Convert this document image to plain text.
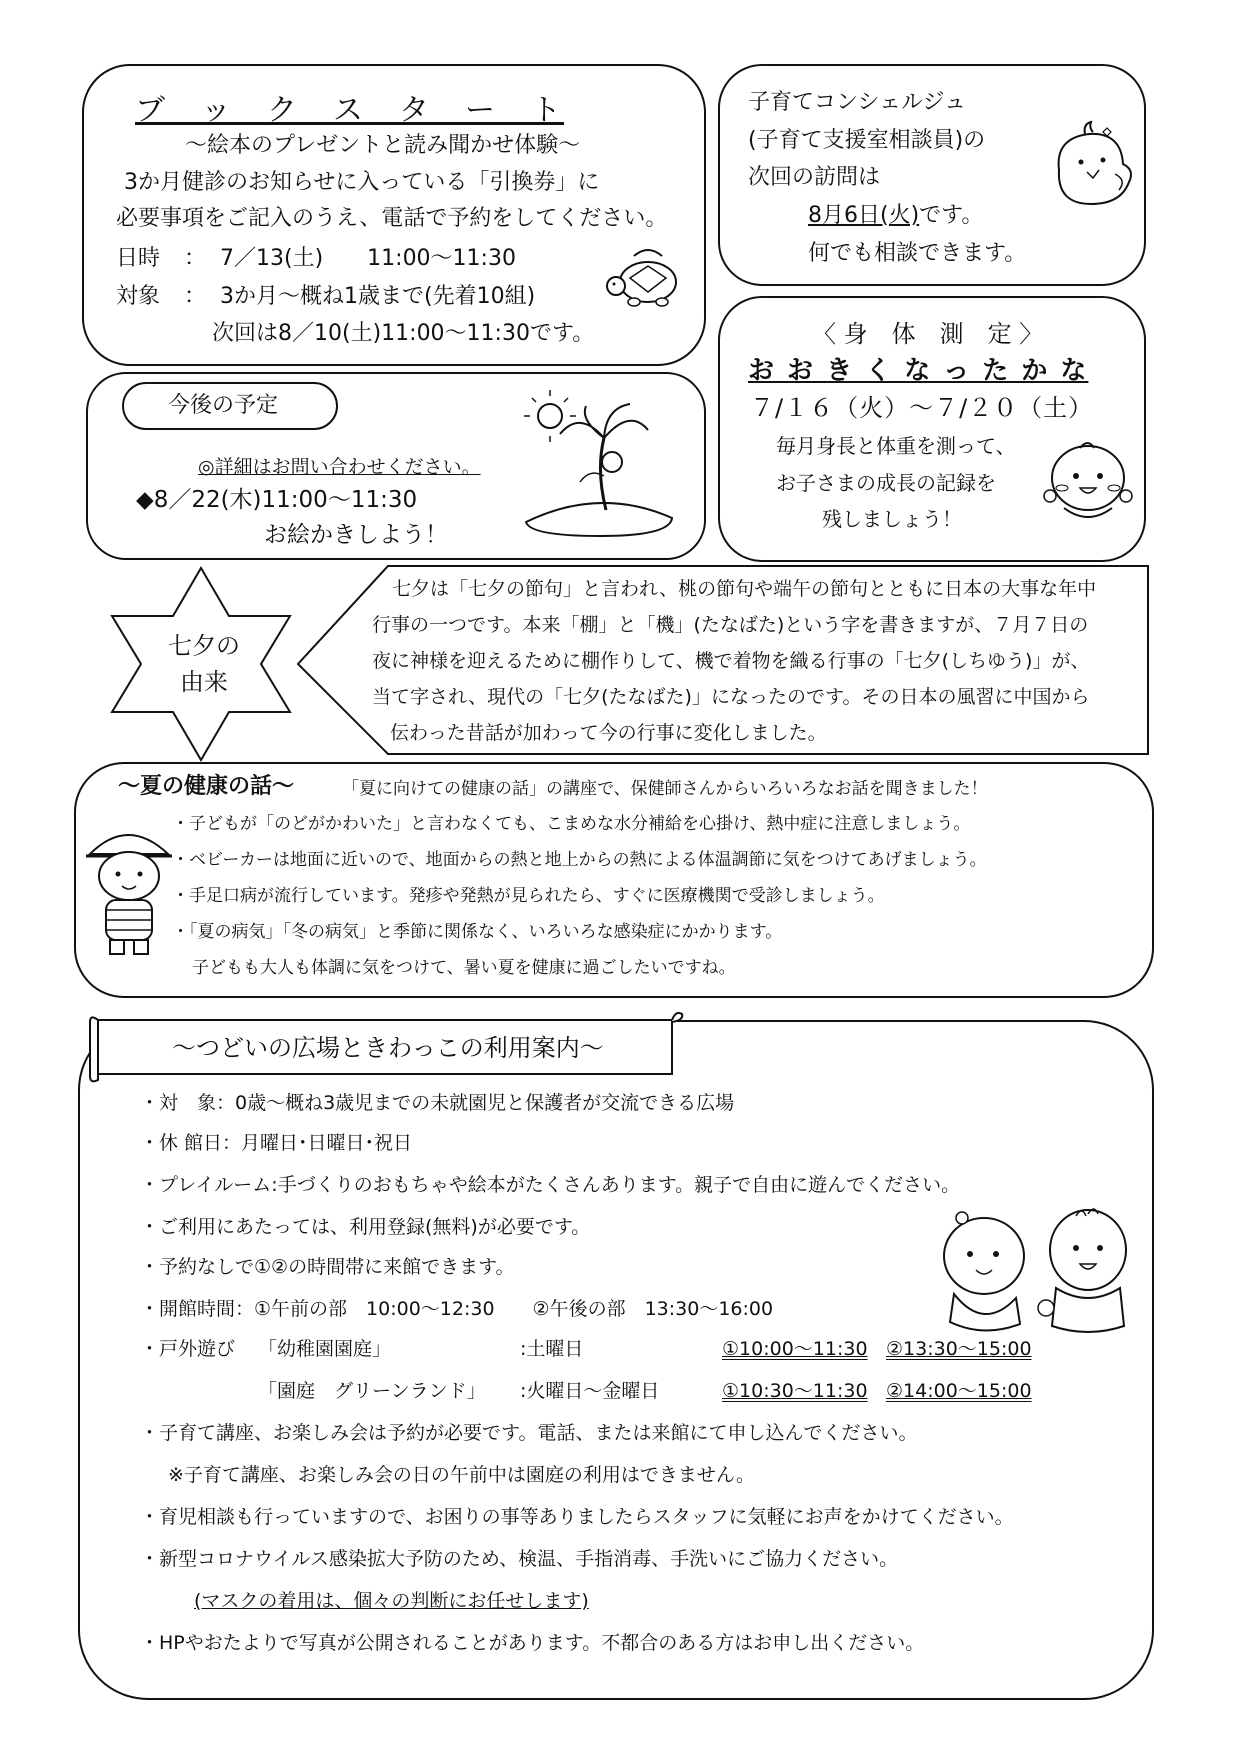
ブ　ッ　ク　ス　タ　ー　ト
～絵本のプレゼントと読み聞かせ体験～
3か月健診のお知らせに入っている「引換券」に
必要事項をご記入のうえ、電話で予約をしてください。
日時 ： 7／13(土)　　11:00～11:30
対象 ： 3か月～概ね1歳まで(先着10組)
次回は8／10(土)11:00～11:30です。
子育てコンシェルジュ
(子育て支援室相談員)の
次回の訪問は
8月6日(火)です。
何でも相談できます。
今後の予定
◎詳細はお問い合わせください。
◆8／22(木)11:00～11:30
お絵かきしよう！
〈 身　体　測　定 〉
お お き く な っ た か な
７/１６（火）～７/２０（土）
毎月身長と体重を測って、
お子さまの成長の記録を
残しましょう！
七夕の
由来
七夕は「七夕の節句」と言われ、桃の節句や端午の節句とともに日本の大事な年中
行事の一つです。本来「棚」と「機」(たなばた)という字を書きますが、７月７日の
夜に神様を迎えるために棚作りして、機で着物を織る行事の「七夕(しちゆう)」が、
当て字され、現代の「七夕(たなばた)」になったのです。その日本の風習に中国から
伝わった昔話が加わって今の行事に変化しました。
～夏の健康の話～	「夏に向けての健康の話」の講座で、保健師さんからいろいろなお話を聞きました！
・子どもが「のどがかわいた」と言わなくても、こまめな水分補給を心掛け、熱中症に注意しましょう。
・ベビーカーは地面に近いので、地面からの熱と地上からの熱による体温調節に気をつけてあげましょう。
・手足口病が流行しています。発疹や発熱が見られたら、すぐに医療機関で受診しましょう。
・「夏の病気」「冬の病気」と季節に関係なく、いろいろな感染症にかかります。
子どもも大人も体調に気をつけて、暑い夏を健康に過ごしたいですね。
～つどいの広場ときわっこの利用案内～
・対　象：0歳～概ね3歳児までの未就園児と保護者が交流できる広場
・休 館日：月曜日･日曜日･祝日
・プレイルーム:手づくりのおもちゃや絵本がたくさんあります。親子で自由に遊んでください。
・ご利用にあたっては、利用登録(無料)が必要です。
・予約なしで①②の時間帯に来館できます。
・開館時間：①午前の部　10:00～12:30　　②午後の部　13:30～16:00
・戸外遊び 「幼稚園園庭」	:土曜日	①10:00～11:30 ②13:30～15:00
「園庭　グリーンランド」 :火曜日～金曜日	①10:30～11:30 ②14:00～15:00
・子育て講座、お楽しみ会は予約が必要です。電話、または来館にて申し込んでください。
※子育て講座、お楽しみ会の日の午前中は園庭の利用はできません。
・育児相談も行っていますので、お困りの事等ありましたらスタッフに気軽にお声をかけてください。
・新型コロナウイルス感染拡大予防のため、検温、手指消毒、手洗いにご協力ください。
(マスクの着用は、個々の判断にお任せします)
・HPやおたよりで写真が公開されることがあります。不都合のある方はお申し出ください。
